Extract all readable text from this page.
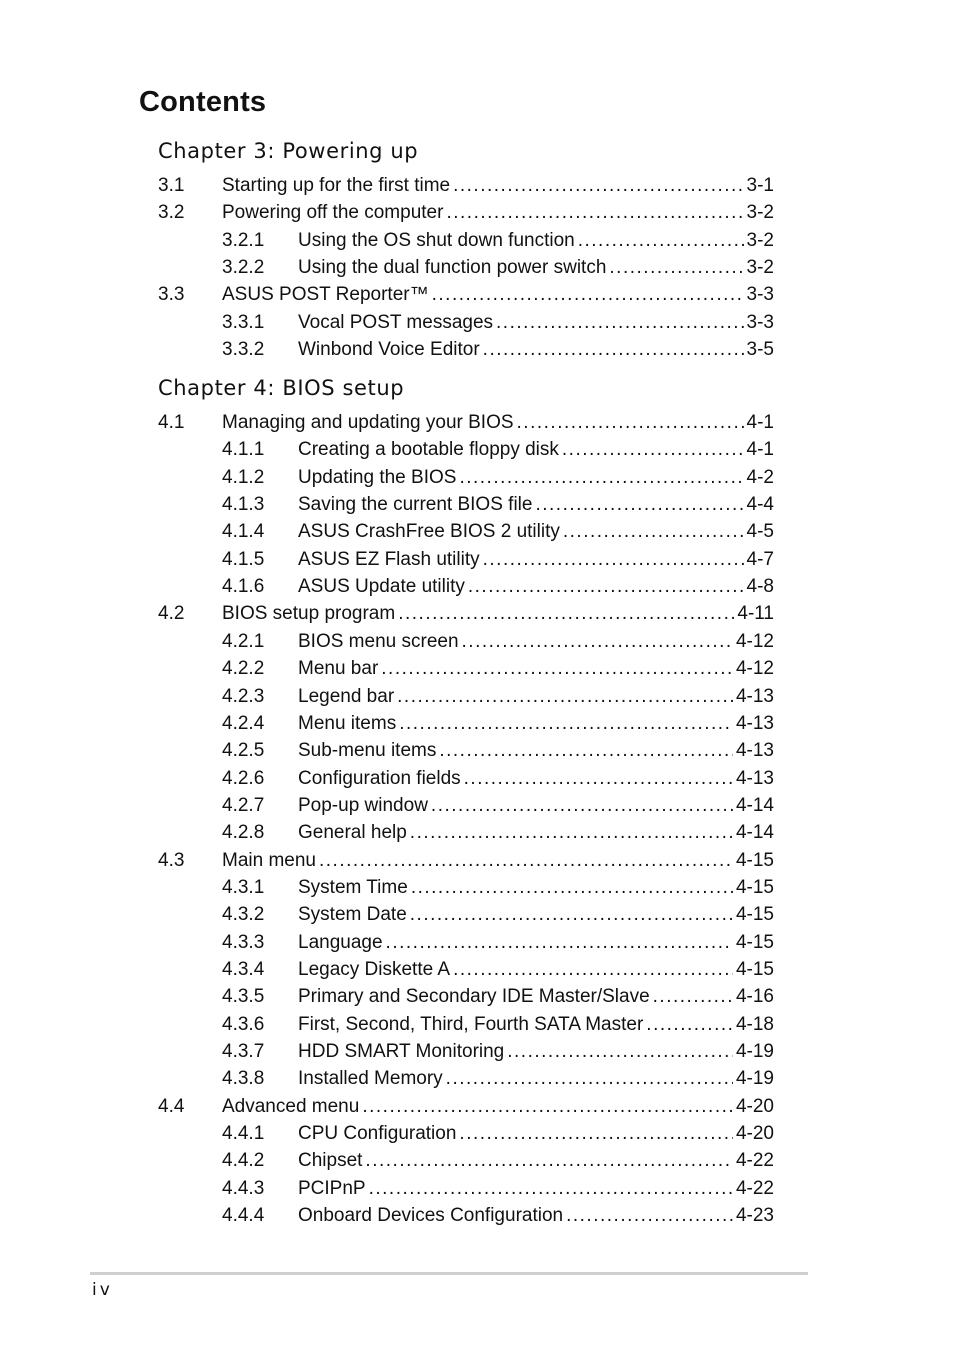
Contents
Chapter 3: Powering up
3.1	Starting up for the first time .....	3-1
3.2	Powering off the computer .....	3-2
3.2.1	Using the OS shut down function .....	3-2
3.2.2	Using the dual function power switch .....	3-2
3.3	ASUS POST Reporter™ .....	3-3
3.3.1	Vocal POST messages .....	3-3
3.3.2	Winbond Voice Editor .....	3-5
Chapter 4: BIOS setup
4.1	Managing and updating your BIOS .....	4-1
4.1.1	Creating a bootable floppy disk .....	4-1
4.1.2	Updating the BIOS .....	4-2
4.1.3	Saving the current BIOS file .....	4-4
4.1.4	ASUS CrashFree BIOS 2 utility .....	4-5
4.1.5	ASUS EZ Flash utility .....	4-7
4.1.6	ASUS Update utility .....	4-8
4.2	BIOS setup program .....	4-11
4.2.1	BIOS menu screen .....	4-12
4.2.2	Menu bar .....	4-12
4.2.3	Legend bar .....	4-13
4.2.4	Menu items .....	4-13
4.2.5	Sub-menu items .....	4-13
4.2.6	Configuration fields .....	4-13
4.2.7	Pop-up window .....	4-14
4.2.8	General help .....	4-14
4.3	Main menu .....	4-15
4.3.1	System Time .....	4-15
4.3.2	System Date .....	4-15
4.3.3	Language .....	4-15
4.3.4	Legacy Diskette A .....	4-15
4.3.5	Primary and Secondary IDE Master/Slave .....	4-16
4.3.6	First, Second, Third, Fourth SATA Master .....	4-18
4.3.7	HDD SMART Monitoring .....	4-19
4.3.8	Installed Memory .....	4-19
4.4	Advanced menu .....	4-20
4.4.1	CPU Configuration .....	4-20
4.4.2	Chipset .....	4-22
4.4.3	PCIPnP .....	4-22
4.4.4	Onboard Devices Configuration .....	4-23
iv
